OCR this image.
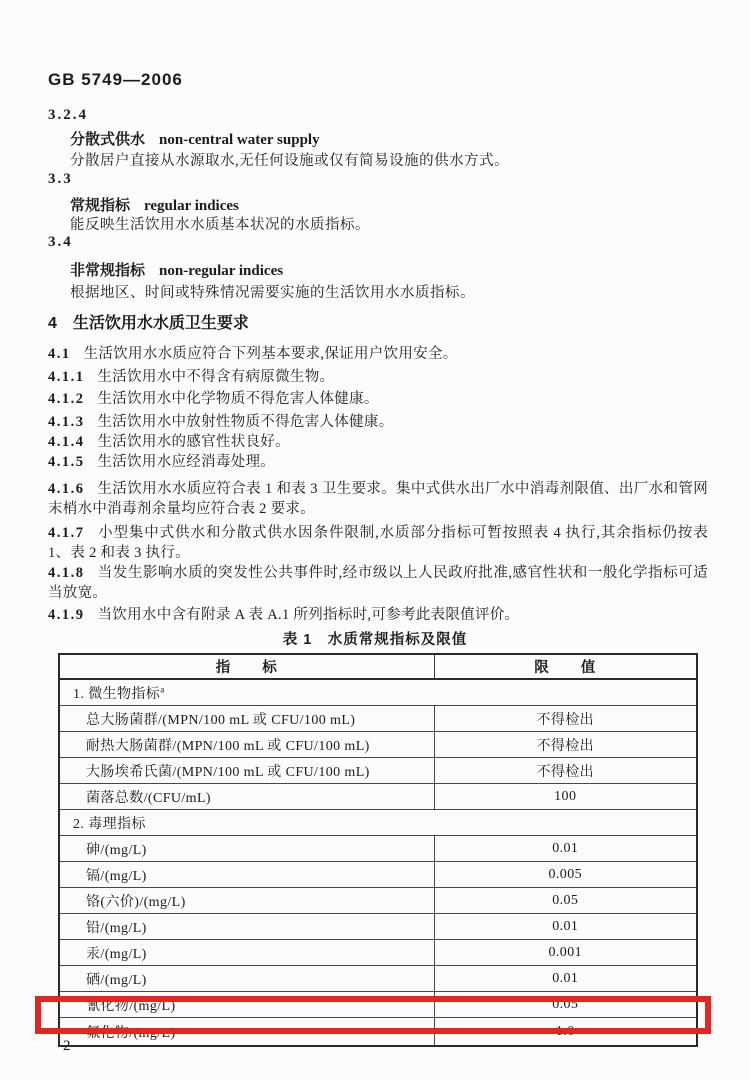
GB 5749—2006
3.2.4
分散式供水 non-central water supply
分散居户直接从水源取水,无任何设施或仅有简易设施的供水方式。
3.3
常规指标 regular indices
能反映生活饮用水水质基本状况的水质指标。
3.4
非常规指标 non-regular indices
根据地区、时间或特殊情况需要实施的生活饮用水水质指标。
4 生活饮用水水质卫生要求
4.1 生活饮用水水质应符合下列基本要求,保证用户饮用安全。
4.1.1 生活饮用水中不得含有病原微生物。
4.1.2 生活饮用水中化学物质不得危害人体健康。
4.1.3 生活饮用水中放射性物质不得危害人体健康。
4.1.4 生活饮用水的感官性状良好。
4.1.5 生活饮用水应经消毒处理。
4.1.6 生活饮用水水质应符合表 1 和表 3 卫生要求。集中式供水出厂水中消毒剂限值、出厂水和管网末梢水中消毒剂余量均应符合表 2 要求。
4.1.7 小型集中式供水和分散式供水因条件限制,水质部分指标可暂按照表 4 执行,其余指标仍按表 1、表 2 和表 3 执行。
4.1.8 当发生影响水质的突发性公共事件时,经市级以上人民政府批准,感官性状和一般化学指标可适当放宽。
4.1.9 当饮用水中含有附录 A 表 A.1 所列指标时,可参考此表限值评价。
表 1　水质常规指标及限值
指　　标	限　　值
1. 微生物指标$^a$
总大肠菌群/(MPN/100 mL 或 CFU/100 mL)	不得检出
耐热大肠菌群/(MPN/100 mL 或 CFU/100 mL)	不得检出
大肠埃希氏菌/(MPN/100 mL 或 CFU/100 mL)	不得检出
菌落总数/(CFU/mL)	100
2. 毒理指标	
砷/(mg/L)	0.01
镉/(mg/L)	0.005
铬(六价)/(mg/L)	0.05
铅/(mg/L)	0.01
汞/(mg/L)	0.001
硒/(mg/L)	0.01
氰化物/(mg/L)	0.05
氟化物/(mg/L)	1.0
2
